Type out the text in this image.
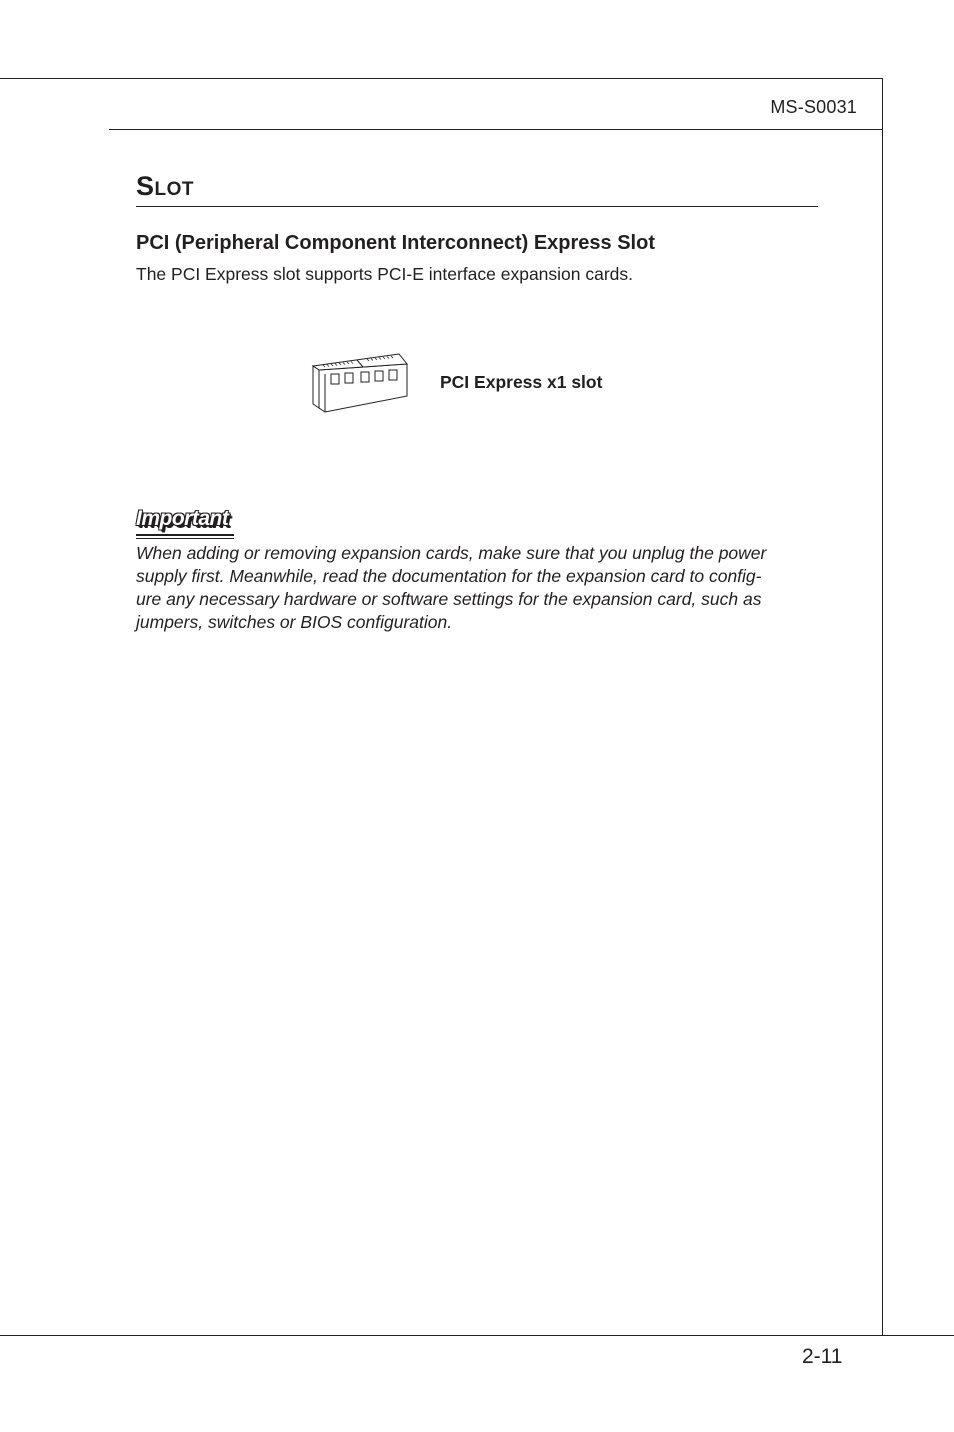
MS-S0031
Slot
PCI (Peripheral Component Interconnect) Express Slot
The PCI Express slot supports PCI-E interface expansion cards.
PCI Express x1 slot
Important
When adding or removing expansion cards, make sure that you unplug the power
supply first. Meanwhile, read the documentation for the expansion card to config-
ure any necessary hardware or software settings for the expansion card, such as
jumpers, switches or BIOS configuration.
2-11
